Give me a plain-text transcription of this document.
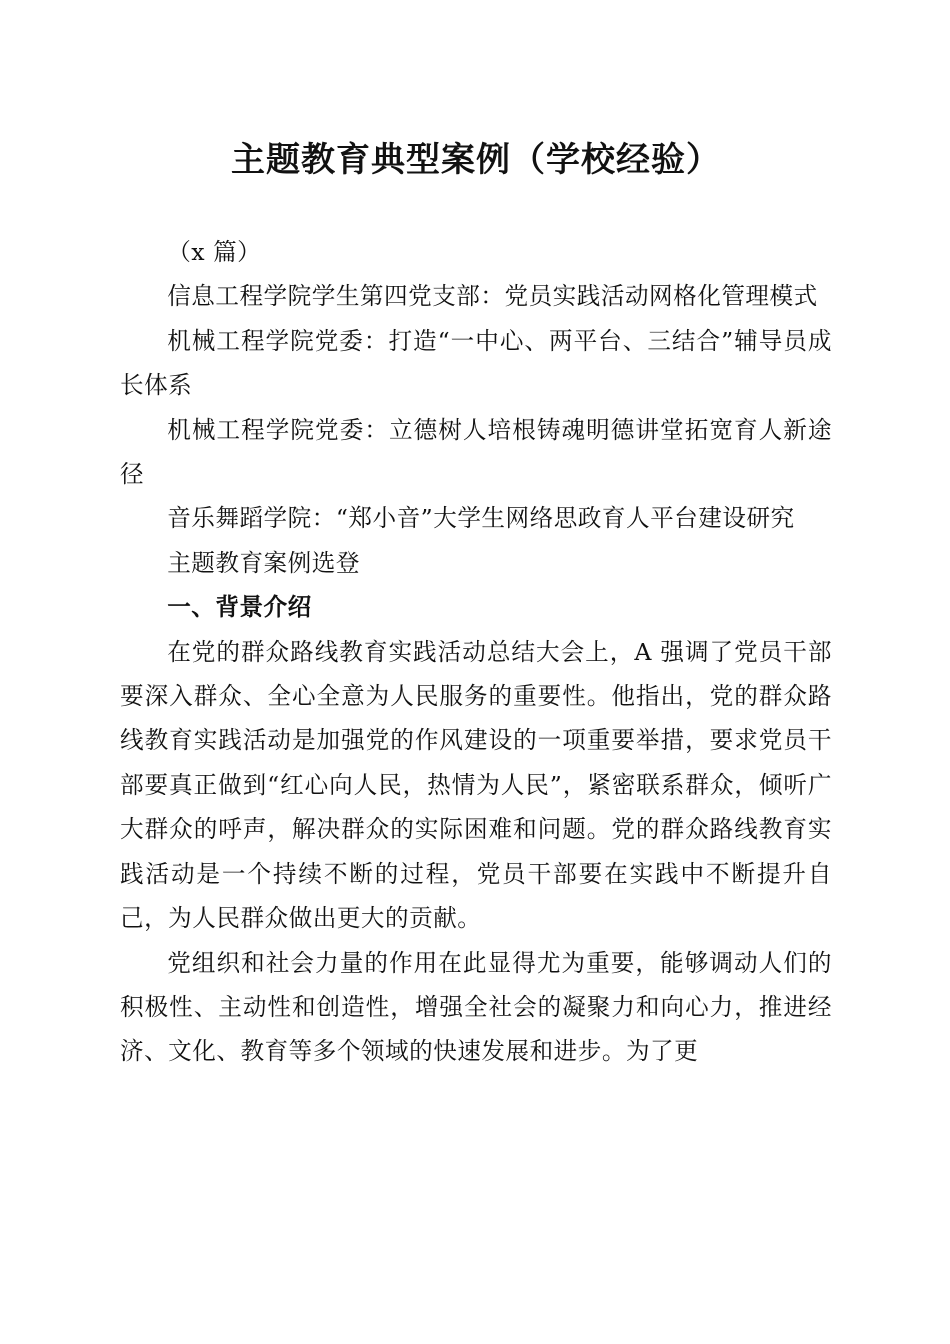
主题教育典型案例（学校经验）

（x 篇）

信息工程学院学生第四党支部：党员实践活动网格化管理模式

机械工程学院党委：打造“一中心、两平台、三结合”辅导员成长体系

机械工程学院党委：立德树人培根铸魂明德讲堂拓宽育人新途径

音乐舞蹈学院：“郑小音”大学生网络思政育人平台建设研究

主题教育案例选登

一、背景介绍

在党的群众路线教育实践活动总结大会上，A 强调了党员干部要深入群众、全心全意为人民服务的重要性。他指出，党的群众路线教育实践活动是加强党的作风建设的一项重要举措，要求党员干部要真正做到“红心向人民，热情为人民”，紧密联系群众，倾听广大群众的呼声，解决群众的实际困难和问题。党的群众路线教育实践活动是一个持续不断的过程，党员干部要在实践中不断提升自己，为人民群众做出更大的贡献。

党组织和社会力量的作用在此显得尤为重要，能够调动人们的积极性、主动性和创造性，增强全社会的凝聚力和向心力，推进经济、文化、教育等多个领域的快速发展和进步。为了更
